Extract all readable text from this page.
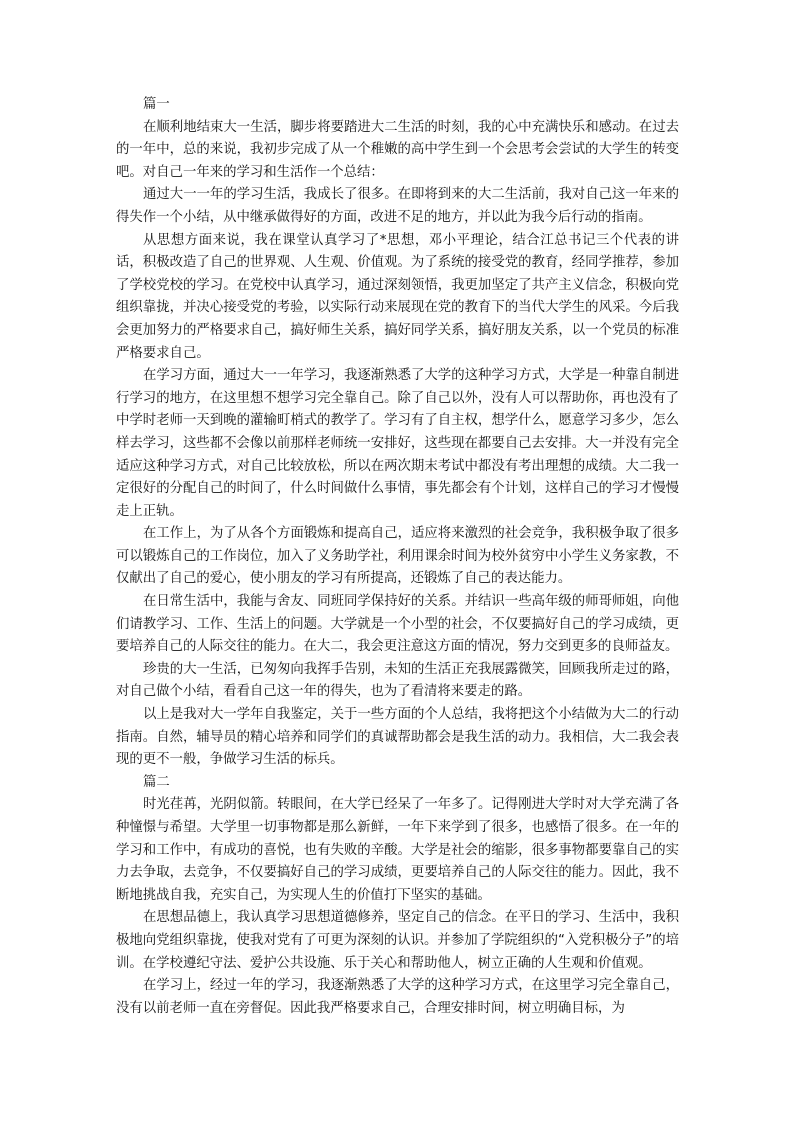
篇一

在顺利地结束大一生活，脚步将要踏进大二生活的时刻，我的心中充满快乐和感动。在过去的一年中，总的来说，我初步完成了从一个稚嫩的高中学生到一个会思考会尝试的大学生的转变吧。对自己一年来的学习和生活作一个总结：

通过大一一年的学习生活，我成长了很多。在即将到来的大二生活前，我对自己这一年来的得失作一个小结，从中继承做得好的方面，改进不足的地方，并以此为我今后行动的指南。

从思想方面来说，我在课堂认真学习了*思想，邓小平理论，结合江总书记三个代表的讲话，积极改造了自己的世界观、人生观、价值观。为了系统的接受党的教育，经同学推荐，参加了学校党校的学习。在党校中认真学习，通过深刻领悟，我更加坚定了共产主义信念，积极向党组织靠拢，并决心接受党的考验，以实际行动来展现在党的教育下的当代大学生的风采。今后我会更加努力的严格要求自己，搞好师生关系，搞好同学关系，搞好朋友关系，以一个党员的标准严格要求自己。

在学习方面，通过大一一年学习，我逐渐熟悉了大学的这种学习方式，大学是一种靠自制进行学习的地方，在这里想不想学习完全靠自己。除了自己以外，没有人可以帮助你，再也没有了中学时老师一天到晚的灌输町梢式的教学了。学习有了自主权，想学什么，愿意学习多少，怎么样去学习，这些都不会像以前那样老师统一安排好，这些现在都要自己去安排。大一并没有完全适应这种学习方式，对自己比较放松，所以在两次期末考试中都没有考出理想的成绩。大二我一定很好的分配自己的时间了，什么时间做什么事情，事先都会有个计划，这样自己的学习才慢慢走上正轨。

在工作上，为了从各个方面锻炼和提高自己，适应将来激烈的社会竞争，我积极争取了很多可以锻炼自己的工作岗位，加入了义务助学社，利用课余时间为校外贫穷中小学生义务家教，不仅献出了自己的爱心，使小朋友的学习有所提高，还锻炼了自己的表达能力。

在日常生活中，我能与舍友、同班同学保持好的关系。并结识一些高年级的师哥师姐，向他们请教学习、工作、生活上的问题。大学就是一个小型的社会，不仅要搞好自己的学习成绩，更要培养自己的人际交往的能力。在大二，我会更注意这方面的情况，努力交到更多的良师益友。

珍贵的大一生活，已匆匆向我挥手告别，未知的生活正充我展露微笑，回顾我所走过的路，对自己做个小结，看看自己这一年的得失，也为了看清将来要走的路。

以上是我对大一学年自我鉴定，关于一些方面的个人总结，我将把这个小结做为大二的行动指南。自然，辅导员的精心培养和同学们的真诚帮助都会是我生活的动力。我相信，大二我会表现的更不一般，争做学习生活的标兵。

篇二

时光荏苒，光阴似箭。转眼间，在大学已经呆了一年多了。记得刚进大学时对大学充满了各种憧憬与希望。大学里一切事物都是那么新鲜，一年下来学到了很多，也感悟了很多。在一年的学习和工作中，有成功的喜悦，也有失败的辛酸。大学是社会的缩影，很多事物都要靠自己的实力去争取，去竞争，不仅要搞好自己的学习成绩，更要培养自己的人际交往的能力。因此，我不断地挑战自我，充实自己，为实现人生的价值打下坚实的基础。

在思想品德上，我认真学习思想道德修养，坚定自己的信念。在平日的学习、生活中，我积极地向党组织靠拢，使我对党有了可更为深刻的认识。并参加了学院组织的“入党积极分子”的培训。在学校遵纪守法、爱护公共设施、乐于关心和帮助他人，树立正确的人生观和价值观。

在学习上，经过一年的学习，我逐渐熟悉了大学的这种学习方式，在这里学习完全靠自己，没有以前老师一直在旁督促。因此我严格要求自己，合理安排时间，树立明确目标，为
